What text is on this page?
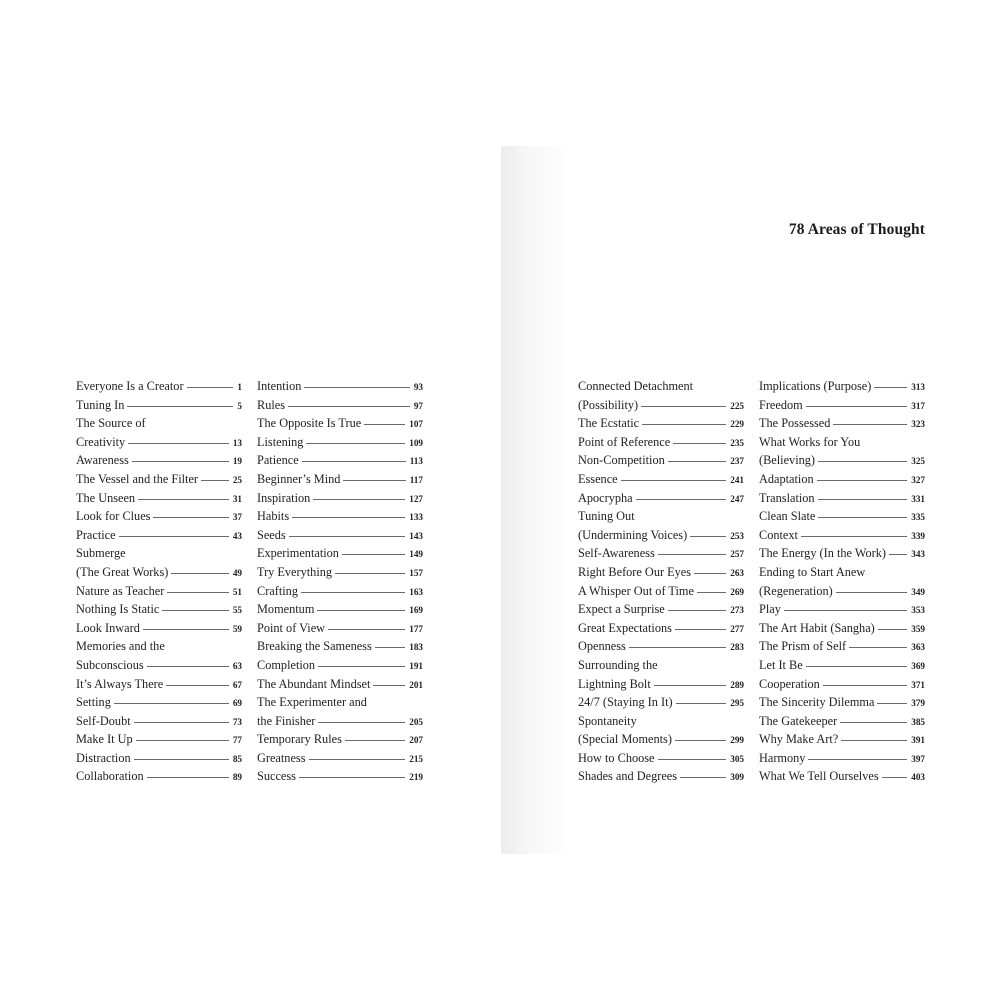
78 Areas of Thought
Everyone Is a Creator	1
Tuning In	5
The Source of
Creativity	13
Awareness	19
The Vessel and the Filter	25
The Unseen	31
Look for Clues	37
Practice	43
Submerge
(The Great Works)	49
Nature as Teacher	51
Nothing Is Static	55
Look Inward	59
Memories and the
Subconscious	63
It’s Always There	67
Setting	69
Self-Doubt	73
Make It Up	77
Distraction	85
Collaboration	89
Intention	93
Rules	97
The Opposite Is True	107
Listening	109
Patience	113
Beginner’s Mind	117
Inspiration	127
Habits	133
Seeds	143
Experimentation	149
Try Everything	157
Crafting	163
Momentum	169
Point of View	177
Breaking the Sameness	183
Completion	191
The Abundant Mindset	201
The Experimenter and
the Finisher	205
Temporary Rules	207
Greatness	215
Success	219
Connected Detachment
(Possibility)	225
The Ecstatic	229
Point of Reference	235
Non-Competition	237
Essence	241
Apocrypha	247
Tuning Out
(Undermining Voices)	253
Self-Awareness	257
Right Before Our Eyes	263
A Whisper Out of Time	269
Expect a Surprise	273
Great Expectations	277
Openness	283
Surrounding the
Lightning Bolt	289
24/7 (Staying In It)	295
Spontaneity
(Special Moments)	299
How to Choose	305
Shades and Degrees	309
Implications (Purpose)	313
Freedom	317
The Possessed	323
What Works for You
(Believing)	325
Adaptation	327
Translation	331
Clean Slate	335
Context	339
The Energy (In the Work)	343
Ending to Start Anew
(Regeneration)	349
Play	353
The Art Habit (Sangha)	359
The Prism of Self	363
Let It Be	369
Cooperation	371
The Sincerity Dilemma	379
The Gatekeeper	385
Why Make Art?	391
Harmony	397
What We Tell Ourselves	403
